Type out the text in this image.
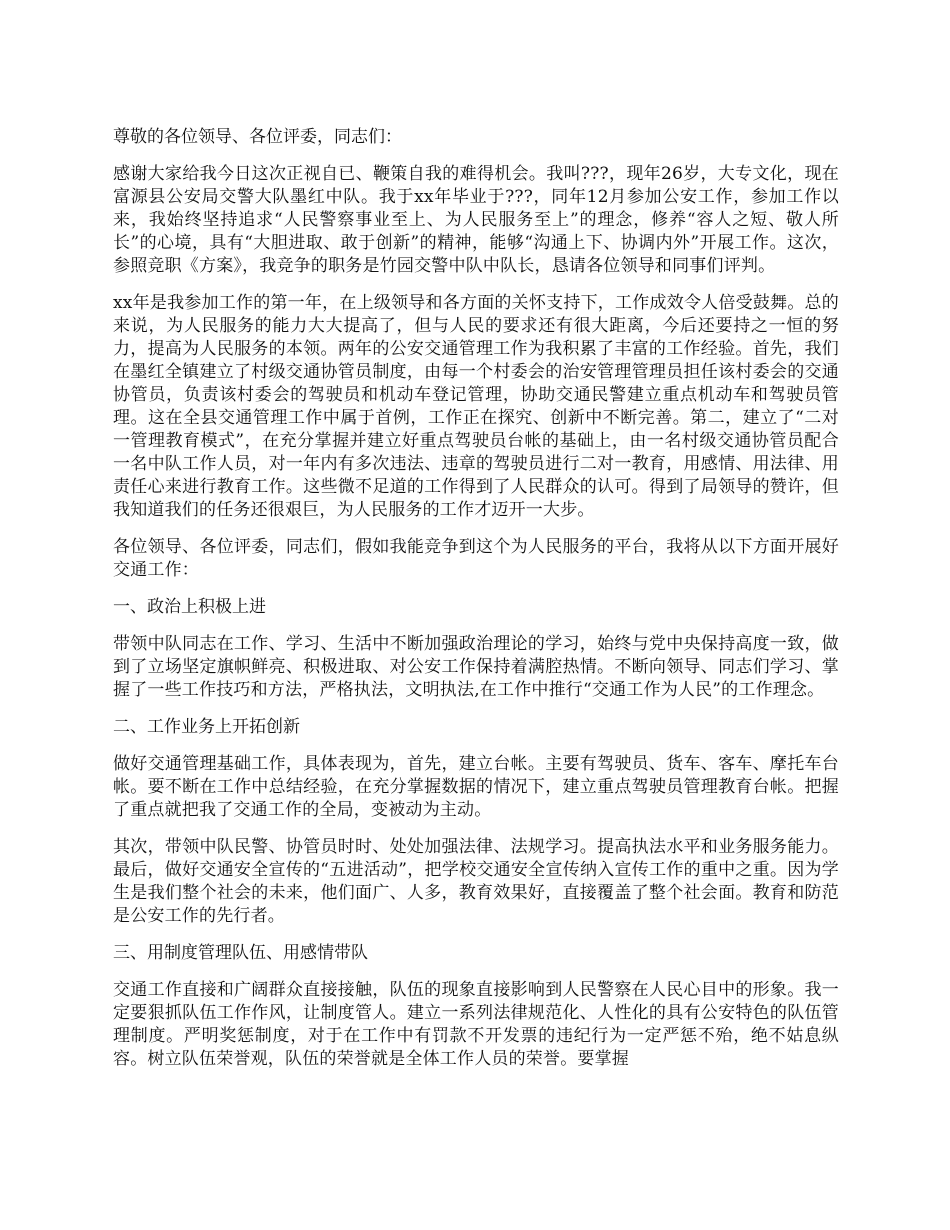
尊敬的各位领导、各位评委，同志们：

感谢大家给我今日这次正视自已、鞭策自我的难得机会。我叫???，现年26岁，大专文化，现在富源县公安局交警大队墨红中队。我于xx年毕业于???，同年12月参加公安工作，参加工作以来，我始终坚持追求“人民警察事业至上、为人民服务至上”的理念，修养“容人之短、敬人所长”的心境，具有“大胆进取、敢于创新”的精神，能够“沟通上下、协调内外”开展工作。这次，参照竞职《方案》，我竞争的职务是竹园交警中队中队长，恳请各位领导和同事们评判。

xx年是我参加工作的第一年，在上级领导和各方面的关怀支持下，工作成效令人倍受鼓舞。总的来说，为人民服务的能力大大提高了，但与人民的要求还有很大距离，今后还要持之一恒的努力，提高为人民服务的本领。两年的公安交通管理工作为我积累了丰富的工作经验。首先，我们在墨红全镇建立了村级交通协管员制度，由每一个村委会的治安管理管理员担任该村委会的交通协管员，负责该村委会的驾驶员和机动车登记管理，协助交通民警建立重点机动车和驾驶员管理。这在全县交通管理工作中属于首例，工作正在探究、创新中不断完善。第二，建立了“二对一管理教育模式”，在充分掌握并建立好重点驾驶员台帐的基础上，由一名村级交通协管员配合一名中队工作人员，对一年内有多次违法、违章的驾驶员进行二对一教育，用感情、用法律、用责任心来进行教育工作。这些微不足道的工作得到了人民群众的认可。得到了局领导的赞许，但我知道我们的任务还很艰巨，为人民服务的工作才迈开一大步。

各位领导、各位评委，同志们，假如我能竞争到这个为人民服务的平台，我将从以下方面开展好交通工作：

一、政治上积极上进

带领中队同志在工作、学习、生活中不断加强政治理论的学习，始终与党中央保持高度一致，做到了立场坚定旗帜鲜亮、积极进取、对公安工作保持着满腔热情。不断向领导、同志们学习、掌握了一些工作技巧和方法，严格执法，文明执法,在工作中推行“交通工作为人民”的工作理念。

二、工作业务上开拓创新

做好交通管理基础工作，具体表现为，首先，建立台帐。主要有驾驶员、货车、客车、摩托车台帐。要不断在工作中总结经验，在充分掌握数据的情况下，建立重点驾驶员管理教育台帐。把握了重点就把我了交通工作的全局，变被动为主动。

其次，带领中队民警、协管员时时、处处加强法律、法规学习。提高执法水平和业务服务能力。最后，做好交通安全宣传的“五进活动”，把学校交通安全宣传纳入宣传工作的重中之重。因为学生是我们整个社会的未来，他们面广、人多，教育效果好，直接覆盖了整个社会面。教育和防范是公安工作的先行者。

三、用制度管理队伍、用感情带队

交通工作直接和广阔群众直接接触，队伍的现象直接影响到人民警察在人民心目中的形象。我一定要狠抓队伍工作作风，让制度管人。建立一系列法律规范化、人性化的具有公安特色的队伍管理制度。严明奖惩制度，对于在工作中有罚款不开发票的违纪行为一定严惩不殆，绝不姑息纵容。树立队伍荣誉观，队伍的荣誉就是全体工作人员的荣誉。要掌握
